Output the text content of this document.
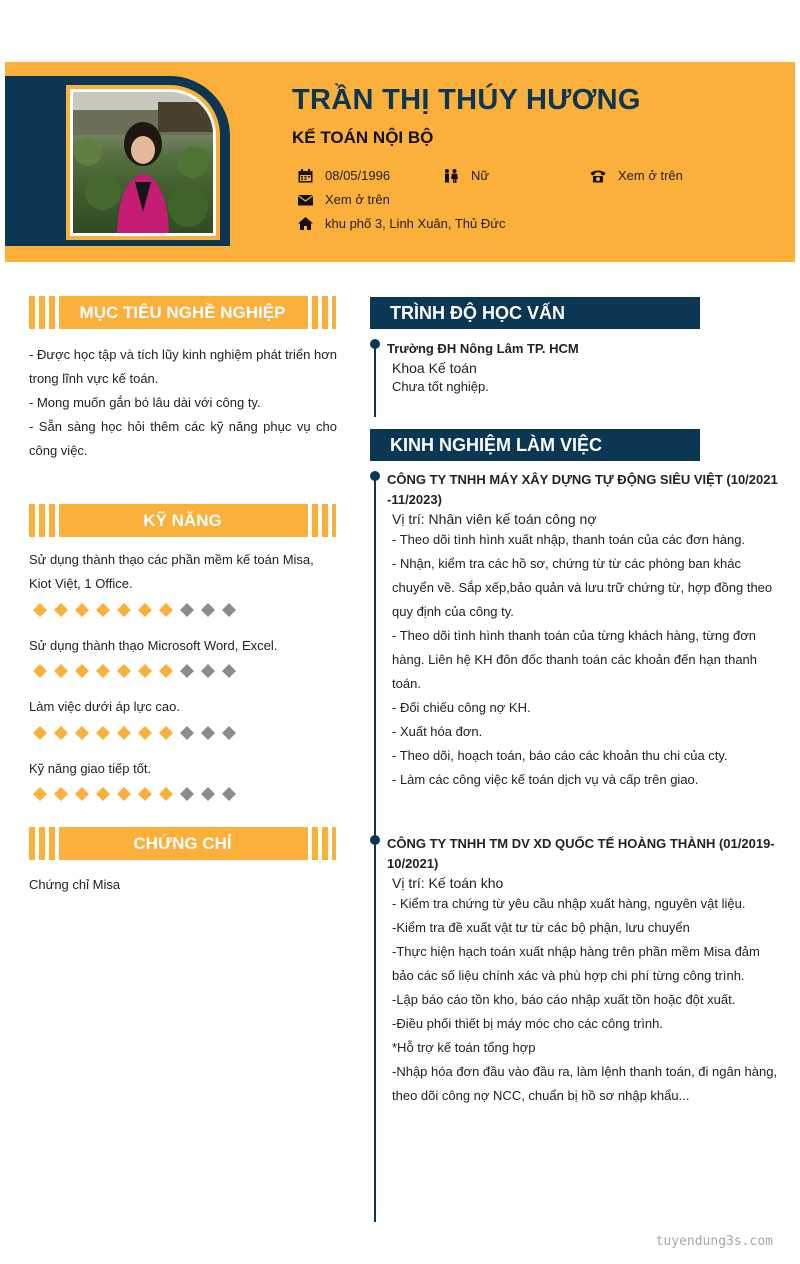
TRẦN THỊ THÚY HƯƠNG
KẾ TOÁN NỘI BỘ
08/05/1996	Nữ	Xem ở trên
Xem ở trên
khu phố 3, Linh Xuân, Thủ Đức
MỤC TIÊU NGHỀ NGHIỆP

- Được học tập và tích lũy kinh nghiệm phát triển hơn trong lĩnh vực kế toán.

- Mong muốn gắn bó lâu dài với công ty.

- Sẵn sàng học hỏi thêm các kỹ năng phục vụ cho công việc.

KỸ NĂNG
Sử dụng thành thạo các phần mềm kế toán Misa, Kiot Việt, 1 Office.
Sử dụng thành thạo Microsoft Word, Excel.
Làm việc dưới áp lực cao.
Kỹ năng giao tiếp tốt.
CHỨNG CHỈ
Chứng chỉ Misa
TRÌNH ĐỘ HỌC VẤN
Trường ĐH Nông Lâm TP. HCM
Khoa Kế toán
Chưa tốt nghiệp.
KINH NGHIỆM LÀM VIỆC
CÔNG TY TNHH MÁY XÂY DỰNG TỰ ĐỘNG SIÊU VIỆT (10/2021 -11/2023)
Vị trí: Nhân viên kế toán công nợ
- Theo dõi tình hình xuất nhập, thanh toán của các đơn hàng.
- Nhận, kiểm tra các hồ sơ, chứng từ từ các phòng ban khác chuyển về. Sắp xếp,bảo quản và lưu trữ chứng từ, hợp đồng theo quy định của công ty.
- Theo dõi tình hình thanh toán của từng khách hàng, từng đơn hàng. Liên hệ KH đôn đốc thanh toán các khoản đến hạn thanh toán.
- Đối chiếu công nợ KH.
- Xuất hóa đơn.
- Theo dõi, hoạch toán, báo cáo các khoản thu chi của cty.
- Làm các công việc kế toán dịch vụ và cấp trên giao.
CÔNG TY TNHH TM DV XD QUỐC TẾ HOÀNG THÀNH (01/2019-10/2021)
Vị trí: Kế toán kho
- Kiểm tra chứng từ yêu cầu nhập xuất hàng, nguyên vật liệu.
-Kiểm tra đề xuất vật tư từ các bộ phận, lưu chuyển
-Thực hiện hạch toán xuất nhập hàng trên phần mềm Misa đảm bảo các số liệu chính xác và phù hợp chi phí từng công trình.
-Lập báo cáo tồn kho, báo cáo nhập xuất tồn hoặc đột xuất.
-Điều phối thiết bị máy móc cho các công trình.
*Hỗ trợ kế toán tổng hợp
-Nhập hóa đơn đầu vào đầu ra, làm lệnh thanh toán, đi ngân hàng, theo dõi công nợ NCC, chuẩn bị hồ sơ nhập khẩu...
tuyendung3s.com
